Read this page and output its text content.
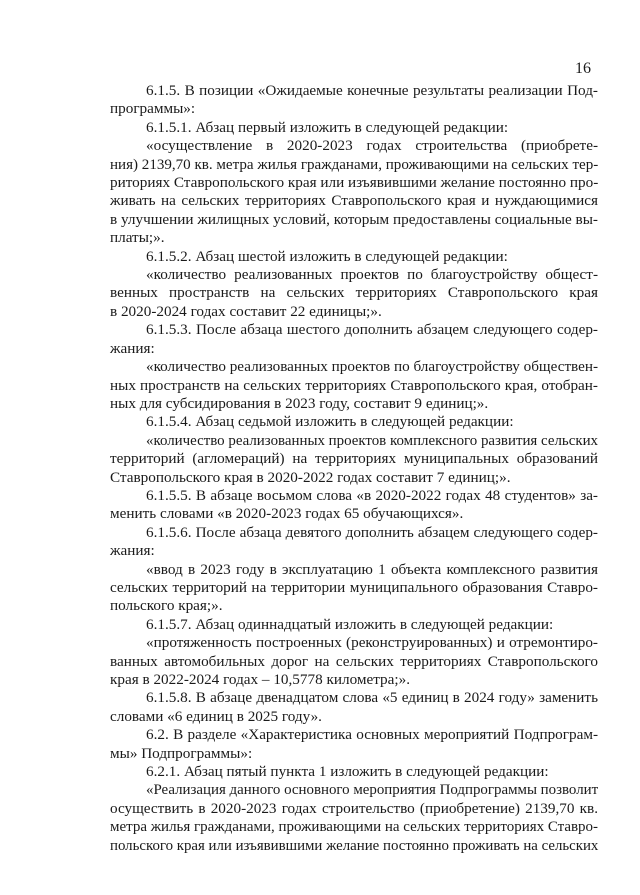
16
6.1.5. В позиции «Ожидаемые конечные результаты реализации Под-
программы»:
6.1.5.1. Абзац первый изложить в следующей редакции:
«осуществление в 2020-2023 годах строительства (приобрете-
ния) 2139,70 кв. метра жилья гражданами, проживающими на сельских тер-
риториях Ставропольского края или изъявившими желание постоянно про-
живать на сельских территориях Ставропольского края и нуждающимися
в улучшении жилищных условий, которым предоставлены социальные вы-
платы;».
6.1.5.2. Абзац шестой изложить в следующей редакции:
«количество реализованных проектов по благоустройству общест-
венных пространств на сельских территориях Ставропольского края
в 2020-2024 годах составит 22 единицы;».
6.1.5.3. После абзаца шестого дополнить абзацем следующего содер-
жания:
«количество реализованных проектов по благоустройству обществен-
ных пространств на сельских территориях Ставропольского края, отобран-
ных для субсидирования в 2023 году, составит 9 единиц;».
6.1.5.4. Абзац седьмой изложить в следующей редакции:
«количество реализованных проектов комплексного развития сельских
территорий (агломераций) на территориях муниципальных образований
Ставропольского края в 2020-2022 годах составит 7 единиц;».
6.1.5.5. В абзаце восьмом слова «в 2020-2022 годах 48 студентов» за-
менить словами «в 2020-2023 годах 65 обучающихся».
6.1.5.6. После абзаца девятого дополнить абзацем следующего содер-
жания:
«ввод в 2023 году в эксплуатацию 1 объекта комплексного развития
сельских территорий на территории муниципального образования Ставро-
польского края;».
6.1.5.7. Абзац одиннадцатый изложить в следующей редакции:
«протяженность построенных (реконструированных) и отремонтиро-
ванных автомобильных дорог на сельских территориях Ставропольского
края в 2022-2024 годах – 10,5778 километра;».
6.1.5.8. В абзаце двенадцатом слова «5 единиц в 2024 году» заменить
словами «6 единиц в 2025 году».
6.2. В разделе «Характеристика основных мероприятий Подпрограм-
мы» Подпрограммы»:
6.2.1. Абзац пятый пункта 1 изложить в следующей редакции:
«Реализация данного основного мероприятия Подпрограммы позволит
осуществить в 2020-2023 годах строительство (приобретение) 2139,70 кв.
метра жилья гражданами, проживающими на сельских территориях Ставро-
польского края или изъявившими желание постоянно проживать на сельских
